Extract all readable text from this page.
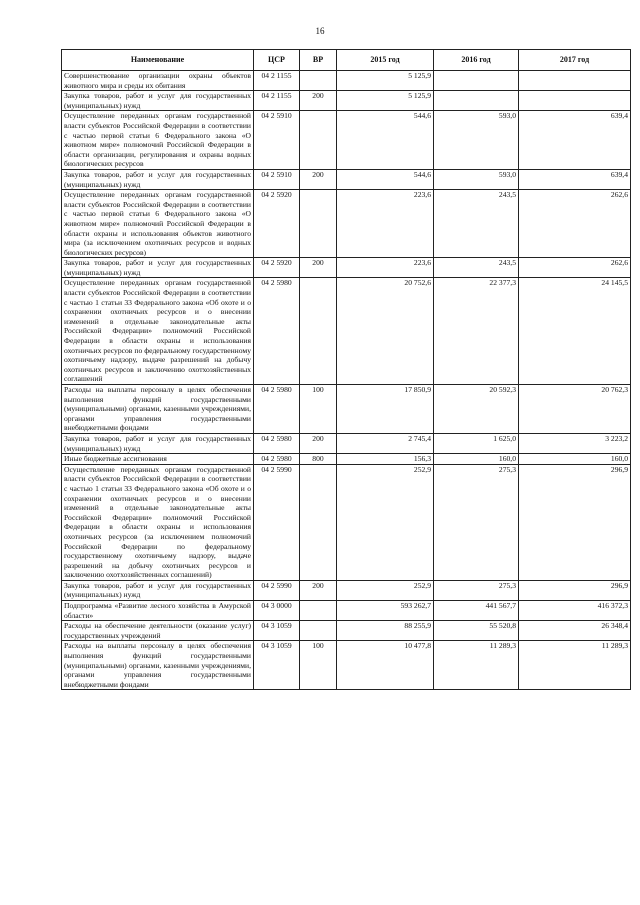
16
Наименование	ЦСР	ВР	2015 год	2016 год	2017 год
Совершенствование организации охраны объектов животного мира и среды их обитания	04 2 1155		5 125,9		
Закупка товаров, работ и услуг для государственных (муниципальных) нужд	04 2 1155	200	5 125,9		
Осуществление переданных органам государственной власти субъектов Российской Федерации в соответствии с частью первой статьи 6 Федерального закона «О животном мире» полномочий Российской Федерации в области организации, регулирования и охраны водных биологических ресурсов	04 2 5910		544,6	593,0	639,4
Закупка товаров, работ и услуг для государственных (муниципальных) нужд	04 2 5910	200	544,6	593,0	639,4
Осуществление переданных органам государственной власти субъектов Российской Федерации в соответствии с частью первой статьи 6 Федерального закона «О животном мире» полномочий Российской Федерации в области охраны и использования объектов животного мира (за исключением охотничьих ресурсов и водных биологических ресурсов)	04 2 5920		223,6	243,5	262,6
Закупка товаров, работ и услуг для государственных (муниципальных) нужд	04 2 5920	200	223,6	243,5	262,6
Осуществление переданных органам государственной власти субъектов Российской Федерации в соответствии с частью 1 статьи 33 Федерального закона «Об охоте и о сохранении охотничьих ресурсов и о внесении изменений в отдельные законодательные акты Российской Федерации» полномочий Российской Федерации в области охраны и использования охотничьих ресурсов по федеральному государственному охотничьему надзору, выдаче разрешений на добычу охотничьих ресурсов и заключению охотхозяйственных соглашений	04 2 5980		20 752,6	22 377,3	24 145,5
Расходы на выплаты персоналу в целях обеспечения выполнения функций государственными (муниципальными) органами, казенными учреждениями, органами управления государственными внебюджетными фондами	04 2 5980	100	17 850,9	20 592,3	20 762,3
Закупка товаров, работ и услуг для государственных (муниципальных) нужд	04 2 5980	200	2 745,4	1 625,0	3 223,2
Иные бюджетные ассигнования	04 2 5980	800	156,3	160,0	160,0
Осуществление переданных органам государственной власти субъектов Российской Федерации в соответствии с частью 1 статьи 33 Федерального закона «Об охоте и о сохранении охотничьих ресурсов и о внесении изменений в отдельные законодательные акты Российской Федерации» полномочий Российской Федерации в области охраны и использования охотничьих ресурсов (за исключением полномочий Российской Федерации по федеральному государственному охотничьему надзору, выдаче разрешений на добычу охотничьих ресурсов и заключению охотхозяйственных соглашений)	04 2 5990		252,9	275,3	296,9
Закупка товаров, работ и услуг для государственных (муниципальных) нужд	04 2 5990	200	252,9	275,3	296,9
Подпрограмма «Развитие лесного хозяйства в Амурской области»	04 3 0000		593 262,7	441 567,7	416 372,3
Расходы на обеспечение деятельности (оказание услуг) государственных учреждений	04 3 1059		88 255,9	55 520,8	26 348,4
Расходы на выплаты персоналу в целях обеспечения выполнения функций государственными (муниципальными) органами, казенными учреждениями, органами управления государственными внебюджетными фондами	04 3 1059	100	10 477,8	11 289,3	11 289,3
